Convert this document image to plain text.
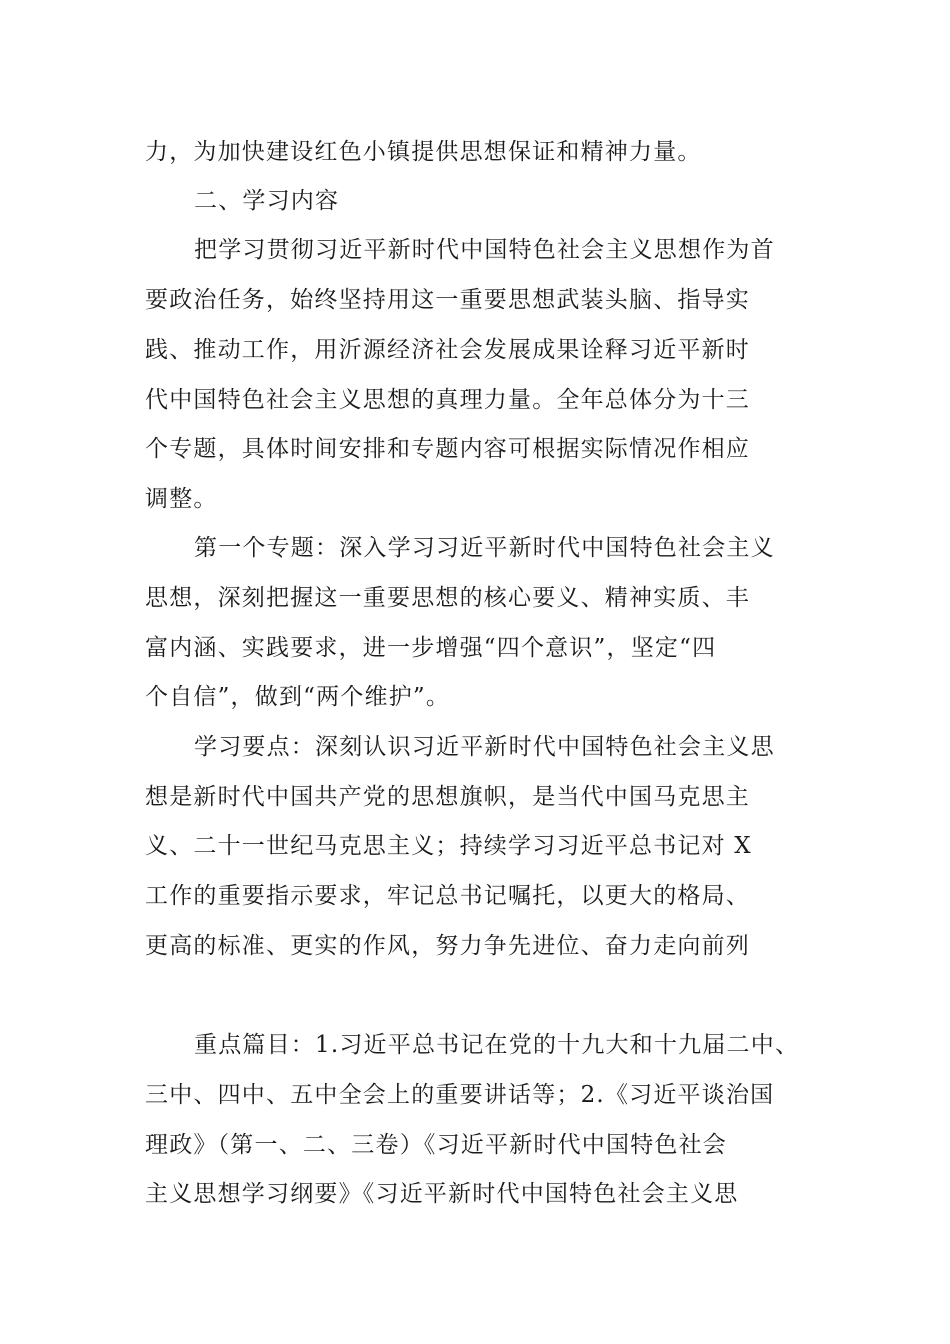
力，为加快建设红色小镇提供思想保证和精神力量。
二、学习内容
把学习贯彻习近平新时代中国特色社会主义思想作为首
要政治任务，始终坚持用这一重要思想武装头脑、指导实
践、推动工作，用沂源经济社会发展成果诠释习近平新时
代中国特色社会主义思想的真理力量。全年总体分为十三
个专题，具体时间安排和专题内容可根据实际情况作相应
调整。
第一个专题：深入学习习近平新时代中国特色社会主义
思想，深刻把握这一重要思想的核心要义、精神实质、丰
富内涵、实践要求，进一步增强“四个意识”，坚定“四
个自信”，做到“两个维护”。
学习要点：深刻认识习近平新时代中国特色社会主义思
想是新时代中国共产党的思想旗帜，是当代中国马克思主
义、二十一世纪马克思主义；持续学习习近平总书记对 X
工作的重要指示要求，牢记总书记嘱托，以更大的格局、
更高的标准、更实的作风，努力争先进位、奋力走向前列
重点篇目：1.习近平总书记在党的十九大和十九届二中、
三中、四中、五中全会上的重要讲话等；2.《习近平谈治国
理政》（第一、二、三卷）《习近平新时代中国特色社会
主义思想学习纲要》《习近平新时代中国特色社会主义思
